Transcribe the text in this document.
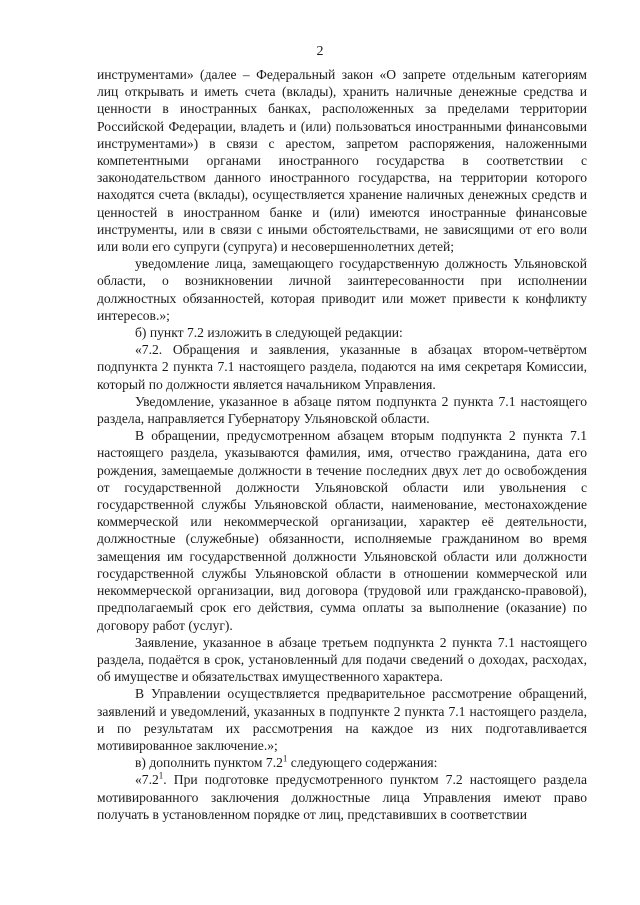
2

инструментами» (далее – Федеральный закон «О запрете отдельным категориям лиц открывать и иметь счета (вклады), хранить наличные денежные средства и ценности в иностранных банках, расположенных за пределами территории Российской Федерации, владеть и (или) пользоваться иностранными финансовыми инструментами») в связи с арестом, запретом распоряжения, наложенными компетентными органами иностранного государства в соответствии с законодательством данного иностранного государства, на территории которого находятся счета (вклады), осуществляется хранение наличных денежных средств и ценностей в иностранном банке и (или) имеются иностранные финансовые инструменты, или в связи с иными обстоятельствами, не зависящими от его воли или воли его супруги (супруга) и несовершеннолетних детей;

уведомление лица, замещающего государственную должность Ульяновской области, о возникновении личной заинтересованности при исполнении должностных обязанностей, которая приводит или может привести к конфликту интересов.»;

б) пункт 7.2 изложить в следующей редакции:

«7.2. Обращения и заявления, указанные в абзацах втором-четвёртом подпункта 2 пункта 7.1 настоящего раздела, подаются на имя секретаря Комиссии, который по должности является начальником Управления.

Уведомление, указанное в абзаце пятом подпункта 2 пункта 7.1 настоящего раздела, направляется Губернатору Ульяновской области.

В обращении, предусмотренном абзацем вторым подпункта 2 пункта 7.1 настоящего раздела, указываются фамилия, имя, отчество гражданина, дата его рождения, замещаемые должности в течение последних двух лет до освобождения от государственной должности Ульяновской области или увольнения с государственной службы Ульяновской области, наименование, местонахождение коммерческой или некоммерческой организации, характер её деятельности, должностные (служебные) обязанности, исполняемые гражданином во время замещения им государственной должности Ульяновской области или должности государственной службы Ульяновской области в отношении коммерческой или некоммерческой организации, вид договора (трудовой или гражданско-правовой), предполагаемый срок его действия, сумма оплаты за выполнение (оказание) по договору работ (услуг).

Заявление, указанное в абзаце третьем подпункта 2 пункта 7.1 настоящего раздела, подаётся в срок, установленный для подачи сведений о доходах, расходах, об имуществе и обязательствах имущественного характера.

В Управлении осуществляется предварительное рассмотрение обращений, заявлений и уведомлений, указанных в подпункте 2 пункта 7.1 настоящего раздела, и по результатам их рассмотрения на каждое из них подготавливается мотивированное заключение.»;

в) дополнить пунктом $7.2^1$ следующего содержания:

«$7.2^1$. При подготовке предусмотренного пунктом 7.2 настоящего раздела мотивированного заключения должностные лица Управления имеют право получать в установленном порядке от лиц, представивших в соответствии
